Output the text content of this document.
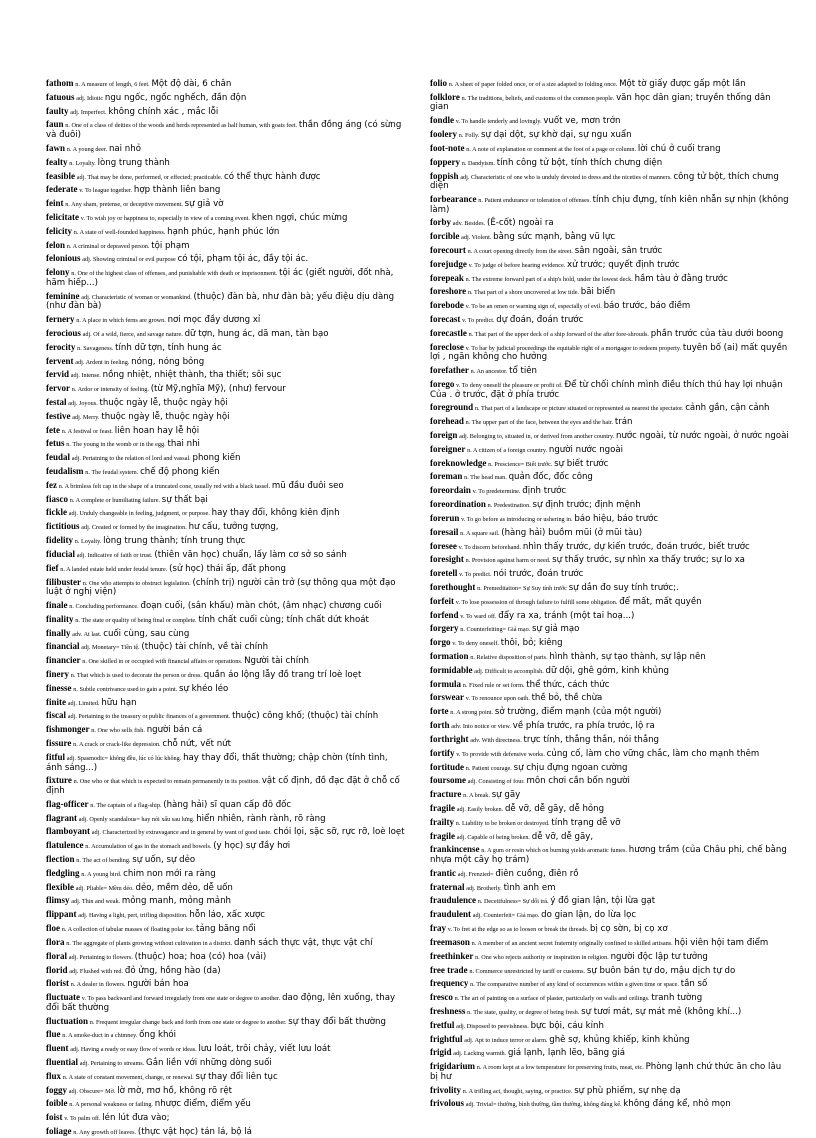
fathom n. A measure of length, 6 feet. Một độ dài, 6 chân

fatuous adj. Idiotic ngu ngốc, ngốc nghếch, đần độn

faulty adj. Imperfect. không chính xác , mắc lỗi

faun n. One of a class of deities of the woods and herds represented as half human, with goats feet. thần đồng áng (có sừng và đuôi)

fawn n. A young deer. nai nhỏ

fealty n. Loyalty. lòng trung thành

feasible adj. That may be done, performed, or effected; practicable. có thể thực hành được

federate v. To league together. hợp thành liên bang

feint n. Any sham, pretense, or deceptive movement. sự giả vờ

felicitate v. To wish joy or happiness to, especially in view of a coming event. khen ngợi, chúc mừng

felicity n. A state of well-founded happiness. hạnh phúc, hạnh phúc lớn

felon n. A criminal or depraved person. tội phạm

felonious adj. Showing criminal or evil purpose có tội, phạm tội ác, đầy tội ác.

felony n. One of the highest class of offenses, and punishable with death or imprisonment. tội ác (giết người, đốt nhà, hãm hiếp...)

feminine adj. Characteristic of woman or womankind. (thuộc) đàn bà, như đàn bà; yếu điệu dịu dàng (như đàn bà)

fernery n. A place in which ferns are grown. nơi mọc đầy dương xỉ

ferocious adj. Of a wild, fierce, and savage nature. dữ tợn, hung ác, dã man, tàn bạo

ferocity n. Savageness. tính dữ tợn, tính hung ác

fervent adj. Ardent in feeling. nóng, nóng bỏng

fervid adj. Intense. nồng nhiệt, nhiệt thành, tha thiết; sôi sục

fervor n. Ardor or intensity of feeling. (từ Mỹ,nghĩa Mỹ), (như) fervour

festal adj. Joyous. thuộc ngày lễ, thuộc ngày hội

festive adj. Merry. thuộc ngày lễ, thuộc ngày hội

fete n. A festival or feast. liên hoan hay lễ hội

fetus n. The young in the womb or in the egg. thai nhi

feudal adj. Pertaining to the relation of lord and vassal. phong kiến

feudalism n. The feudal system. chế độ phong kiến

fez n. A brimless felt cap in the shape of a truncated cone, usually red with a black tassel. mũ đầu đuôi seo

fiasco n. A complete or humiliating failure. sự thất bại

fickle adj. Unduly changeable in feeling, judgment, or purpose. hay thay đổi, không kiên định

fictitious adj. Created or formed by the imagination. hư cấu, tưởng tượng,

fidelity n. Loyalty. lòng trung thành; tính trung thực

fiducial adj. Indicative of faith or trust. (thiên văn học) chuẩn, lấy làm cơ sở so sánh

fief n. A landed estate held under feudal tenure. (sử học) thái ấp, đất phong

filibuster n. One who attempts to obstruct legislation. (chính trị) người cản trở (sự thông qua một đạo luật ở nghị viện)

finale n. Concluding performance. đoạn cuối, (sân khấu) màn chót, (âm nhạc) chương cuối

finality n. The state or quality of being final or complete. tính chất cuối cùng; tính chất dứt khoát

finally adv. At last. cuối cùng, sau cùng

financial adj. Monetary= Tiền tệ. (thuộc) tài chính, về tài chính

financier n. One skilled in or occupied with financial affairs or operations. Người tài chính

finery n. That which is used to decorate the person or dress. quần áo lộng lẫy đồ trang trí loè loẹt

finesse n. Subtle contrivance used to gain a point. sự khéo léo

finite adj. Limited. hữu hạn

fiscal adj. Pertaining to the treasury or public finances of a government. thuộc) công khố; (thuộc) tài chính

fishmonger n. One who sells fish. người bán cá

fissure n. A crack or crack-like depression. chỗ nứt, vết nứt

fitful adj. Spasmodic= không đều, lúc có lúc không. hay thay đổi, thất thường; chập chờn (tính tình, ánh sáng...)

fixture n. One who or that which is expected to remain permanently in its position. vật cố định, đồ đạc đặt ở chỗ cố định

flag-officer n. The captain of a flag-ship. (hàng hải) sĩ quan cấp đô đốc

flagrant adj. Openly scandalous= hay nói xấu sau lưng. hiển nhiên, rành rành, rõ ràng

flamboyant adj. Characterized by extravagance and in general by want of good taste. chói lọi, sặc sỡ, rực rỡ, loè loẹt

flatulence n. Accumulation of gas in the stomach and bowels. (y học) sự đầy hơi

flection n. The act of bending. sự uốn, sự dẻo

fledgling n. A young bird. chim non mới ra ràng

flexible adj. Pliable= Mềm dẻo. dẻo, mềm dẻo, dễ uốn

flimsy adj. Thin and weak. mỏng manh, mỏng mảnh

flippant adj. Having a light, pert, trifling disposition. hỗn láo, xấc xược

floe n. A collection of tabular masses of floating polar ice. tảng băng nổi

flora n. The aggregate of plants growing without cultivation in a district. danh sách thực vật, thực vật chí

floral adj. Pertaining to flowers. (thuộc) hoa; hoa (có) hoa (vải)

florid adj. Flushed with red. đỏ ửng, hồng hào (da)

florist n. A dealer in flowers. người bán hoa

fluctuate v. To pass backward and forward irregularly from one state or degree to another. dao động, lên xuống, thay đổi bất thường

fluctuation n. Frequent irregular change back and forth from one state or degree to another. sự thay đổi bất thường

flue n. A smoke-duct in a chimney. ống khói

fluent adj. Having a ready or easy flow of words or ideas. lưu loát, trôi chảy, viết lưu loát

fluential adj. Pertaining to streams. Gắn liền với những dòng suối

flux n. A state of constant movement, change, or renewal. sự thay đổi liên tục

foggy adj. Obscure= Mờ. lờ mờ, mơ hồ, không rõ rệt

foible n. A personal weakness or failing. nhược điểm, điểm yếu

foist v. To palm off. lén lút đưa vào;

foliage n. Any growth off leaves. (thực vật học) tán lá, bộ lá

folio n. A sheet of paper folded once, or of a size adapted to folding once. Một tờ giấy được gấp một lần

folklore n. The traditions, beliefs, and customs of the common people. văn học dân gian; truyền thống dân gian

fondle v. To handle tenderly and lovingly. vuốt ve, mơn trớn

foolery n. Folly. sự dại dột, sự khờ dại, sự ngu xuẩn

foot-note n. A note of explanation or comment at the foot of a page or column. lời chú ở cuối trang

foppery n. Dandyism. tính công tử bột, tính thích chưng diện

foppish adj. Characteristic of one who is unduly devoted to dress and the niceties of manners. công tử bột, thích chưng diện

forbearance n. Patient endurance or toleration of offenses. tính chịu đựng, tính kiên nhẫn sự nhịn (không làm)

forby adv. Besides. (Ê-cốt) ngoài ra

forcible adj. Violent. bằng sức mạnh, bằng vũ lực

forecourt n. A court opening directly from the street. sân ngoài, sân trước

forejudge v. To judge of before hearing evidence. xử trước; quyết định trước

forepeak n. The extreme forward part of a ship's hold, under the lowest deck. hầm tàu ở đằng trước

foreshore n. That part of a shore uncovered at low tide. bãi biển

forebode v. To be an omen or warning sign of, especially of evil. báo trước, báo điềm

forecast v. To predict. dự đoán, đoán trước

forecastle n. That part of the upper deck of a ship forward of the after fore-shrouds. phần trước của tàu dưới boong

foreclose v. To bar by judicial proceedings the equitable right of a mortgagor to redeem property. tuyên bố (ai) mất quyền lợi , ngăn không cho hưởng

forefather n. An ancestor. tổ tiên

forego v. To deny oneself the pleasure or profit of. Để từ chối chính mình điều thích thú hay lợi nhuận Của . ở trước, đặt ở phía trước

foreground n. That part of a landscape or picture situated or represented as nearest the spectator. cảnh gần, cận cảnh

forehead n. The upper part of the face, between the eyes and the hair. trán

foreign adj. Belonging to, situated in, or derived from another country. nước ngoài, từ nước ngoài, ở nước ngoài

foreigner n. A citizen of a foreign country. người nước ngoài

foreknowledge n. Prescience= Biết trước. sự biết trước

foreman n. The head man. quản đốc, đốc công

foreordain v. To predetermine. định trước

foreordination n. Predestination. sự định trước; định mệnh

forerun v. To go before as introducing or ushering in. báo hiệu, báo trước

foresail n. A square sail. (hàng hải) buồm mũi (ở mũi tàu)

foresee v. To discern beforehand. nhìn thấy trước, dự kiến trước, đoán trước, biết trước

foresight n. Provision against harm or need. sự thấy trước, sự nhìn xa thấy trước; sự lo xa

foretell v. To predict. nói trước, đoán trước

forethought n. Premeditation= Sự Suy tính trước sự dắn đo suy tính trước;.

forfeit v. To lose possession of through failure to fulfill some obligation. để mất, mất quyền

forfend v. To ward off. đẩy ra xa, tránh (một tai hoạ...)

forgery n. Counterfeiting= Giả mạo. sự giả mạo

forgo v. To deny oneself. thôi, bỏ; kiêng

formation n. Relative disposition of parts. hình thành, sự tạo thành, sự lập nên

formidable adj. Difficult to accomplish. dữ dội, ghê gớm, kinh khủng

formula n. Fixed rule or set form. thể thức, cách thức

forswear v. To renounce upon oath. thề bỏ, thề chừa

forte n. A strong point. sở trường, điểm mạnh (của một người)

forth adv. Into notice or view. về phía trước, ra phía trước, lộ ra

forthright adv. With directness. trực tính, thẳng thắn, nói thẳng

fortify v. To provide with defensive works. củng cố, làm cho vững chắc, làm cho mạnh thêm

fortitude n. Patient courage. sự chịu đựng ngoan cường

foursome adj. Consisting of four. môn chơi cần bốn người

fracture n. A break. sự gãy

fragile adj. Easily broken. dễ vỡ, dễ gãy, dễ hỏng

frailty n. Liability to be broken or destroyed. tính trạng dễ vỡ

fragile adj. Capable of being broken. dễ vỡ, dễ gãy,

frankincense n. A gum or resin which on burning yields aromatic fumes. hương trầm (của Châu phi, chế bằng nhựa một cây họ trám)

frantic adj. Frenzied= điên cuồng, điên rồ

fraternal adj. Brotherly. tình anh em

fraudulence n. Deceitfulness= Sự dối trá. ý đồ gian lận, tội lừa gạt

fraudulent adj. Counterfeit= Giả mạo. do gian lận, do lừa lọc

fray v. To fret at the edge so as to loosen or break the threads. bị cọ sờn, bị cọ xơ

freemason n. A member of an ancient secret fraternity originally confined to skilled artisans. hội viên hội tam điểm

freethinker n. One who rejects authority or inspiration in religion. người độc lập tư tưởng

free trade n. Commerce unrestricted by tariff or customs. sự buôn bán tự do, mậu dịch tự do

frequency n. The comparative number of any kind of occurrences within a given time or space. tần số

fresco n. The art of painting on a surface of plaster, particularly on walls and ceilings. tranh tường

freshness n. The state, quality, or degree of being fresh. sự tươi mát, sự mát mẻ (không khí...)

fretful adj. Disposed to peevishness. bực bội, cáu kỉnh

frightful adj. Apt to induce terror or alarm. ghê sợ, khủng khiếp, kinh khủng

frigid adj. Lacking warmth. giá lạnh, lạnh lẽo, băng giá

frigidarium n. A room kept at a low temperature for preserving fruits, meat, etc. Phòng lạnh chứ thức ăn cho lâu bị hư

frivolity n. A trifling act, thought, saying, or practice. sự phù phiếm, sự nhẹ dạ

frivolous adj. Trivial= thường, bình thường, tầm thường, không đáng kể. không đáng kể, nhỏ mọn
